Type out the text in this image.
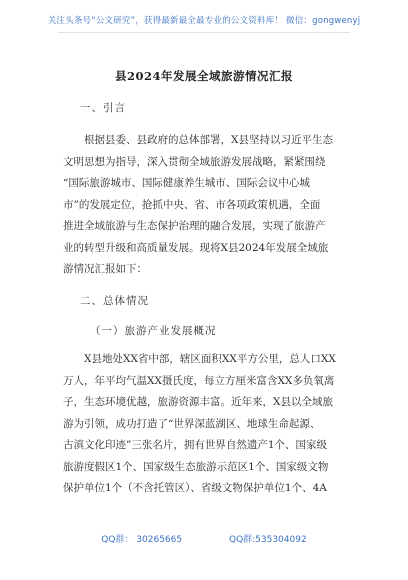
关注头条号“公文研究”，获得最新最全最专业的公文资料库！ 微信：gongwenyj
县2024年发展全域旅游情况汇报
一、引言
根据县委、县政府的总体部署，X县坚持以习近平生态
文明思想为指导，深入贯彻全域旅游发展战略，紧紧围绕
“国际旅游城市、国际健康养生城市、国际会议中心城
市”的发展定位，抢抓中央、省、市各项政策机遇，全面
推进全域旅游与生态保护治理的融合发展，实现了旅游产
业的转型升级和高质量发展。现将X县2024年发展全域旅
游情况汇报如下：
二、总体情况
（一）旅游产业发展概况
X县地处XX省中部，辖区面积XX平方公里，总人口XX
万人，年平均气温XX摄氏度，每立方厘米富含XX多负氧离
子，生态环境优越，旅游资源丰富。近年来，X县以全域旅
游为引领，成功打造了“世界深蓝湖区、地球生命起源、
古滇文化印迹”三张名片，拥有世界自然遗产1个、国家级
旅游度假区1个、国家级生态旅游示范区1个、国家级文物
保护单位1个（不含托管区）、省级文物保护单位1个、4A
QQ群： 30265665	QQ群:535304092
